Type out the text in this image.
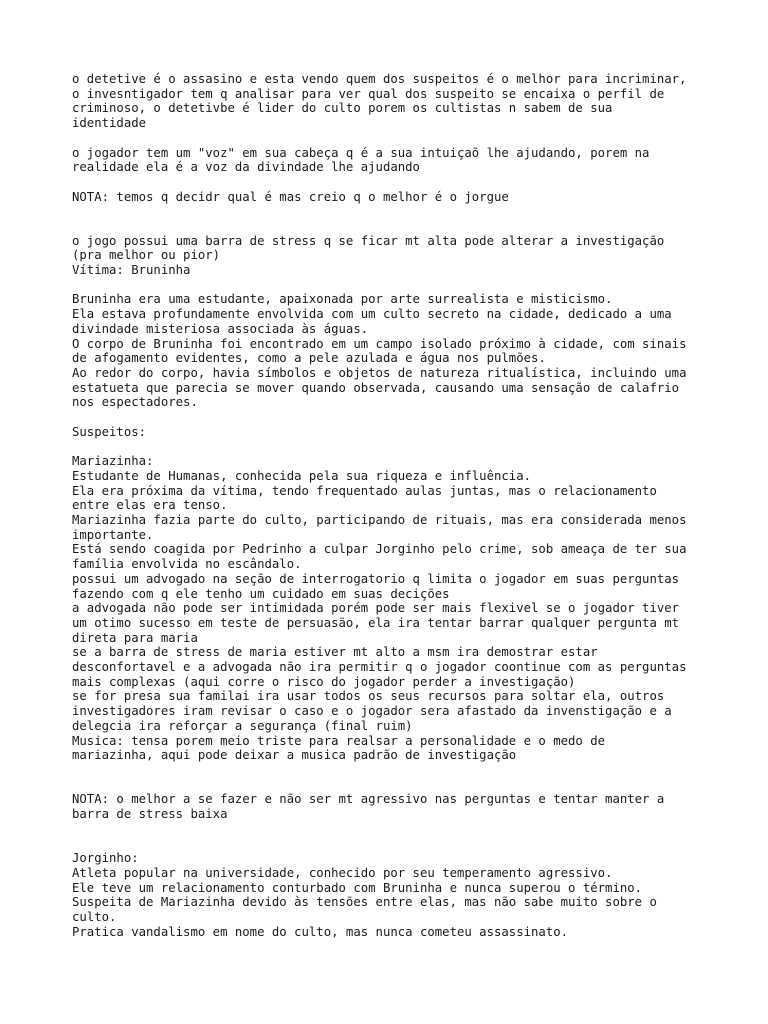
o detetive é o assasino e esta vendo quem dos suspeitos é o melhor para incriminar,
o invesntigador tem q analisar para ver qual dos suspeito se encaixa o perfil de
criminoso, o detetivbe é lider do culto porem os cultistas n sabem de sua
identidade

o jogador tem um "voz" em sua cabeça q é a sua intuiçaõ lhe ajudando, porem na
realidade ela é a voz da divindade lhe ajudando

NOTA: temos q decidr qual é mas creio q o melhor é o jorgue

o jogo possui uma barra de stress q se ficar mt alta pode alterar a investigação
(pra melhor ou pior)
Vítima: Bruninha

Bruninha era uma estudante, apaixonada por arte surrealista e misticismo.
Ela estava profundamente envolvida com um culto secreto na cidade, dedicado a uma
divindade misteriosa associada às águas.
O corpo de Bruninha foi encontrado em um campo isolado próximo à cidade, com sinais
de afogamento evidentes, como a pele azulada e água nos pulmões.
Ao redor do corpo, havia símbolos e objetos de natureza ritualística, incluindo uma
estatueta que parecia se mover quando observada, causando uma sensação de calafrio
nos espectadores.

Suspeitos:

Mariazinha:
Estudante de Humanas, conhecida pela sua riqueza e influência.
Ela era próxima da vítima, tendo frequentado aulas juntas, mas o relacionamento
entre elas era tenso.
Mariazinha fazia parte do culto, participando de rituais, mas era considerada menos
importante.
Está sendo coagida por Pedrinho a culpar Jorginho pelo crime, sob ameaça de ter sua
família envolvida no escândalo.
possui um advogado na seção de interrogatorio q limita o jogador em suas perguntas
fazendo com q ele tenho um cuidado em suas decições
a advogada não pode ser intimidada porém pode ser mais flexivel se o jogador tiver
um otimo sucesso em teste de persuasão, ela ira tentar barrar qualquer pergunta mt
direta para maria
se a barra de stress de maria estiver mt alto a msm ira demostrar estar
desconfortavel e a advogada não ira permitir q o jogador coontinue com as perguntas
mais complexas (aqui corre o risco do jogador perder a investigação)
se for presa sua familai ira usar todos os seus recursos para soltar ela, outros
investigadores iram revisar o caso e o jogador sera afastado da invenstigação e a
delegcia ira reforçar a segurança (final ruim)
Musica: tensa porem meio triste para realsar a personalidade e o medo de
mariazinha, aqui pode deixar a musica padrão de investigação

NOTA: o melhor a se fazer e não ser mt agressivo nas perguntas e tentar manter a
barra de stress baixa

Jorginho:
Atleta popular na universidade, conhecido por seu temperamento agressivo.
Ele teve um relacionamento conturbado com Bruninha e nunca superou o término.
Suspeita de Mariazinha devido às tensões entre elas, mas não sabe muito sobre o
culto.
Pratica vandalismo em nome do culto, mas nunca cometeu assassinato.
